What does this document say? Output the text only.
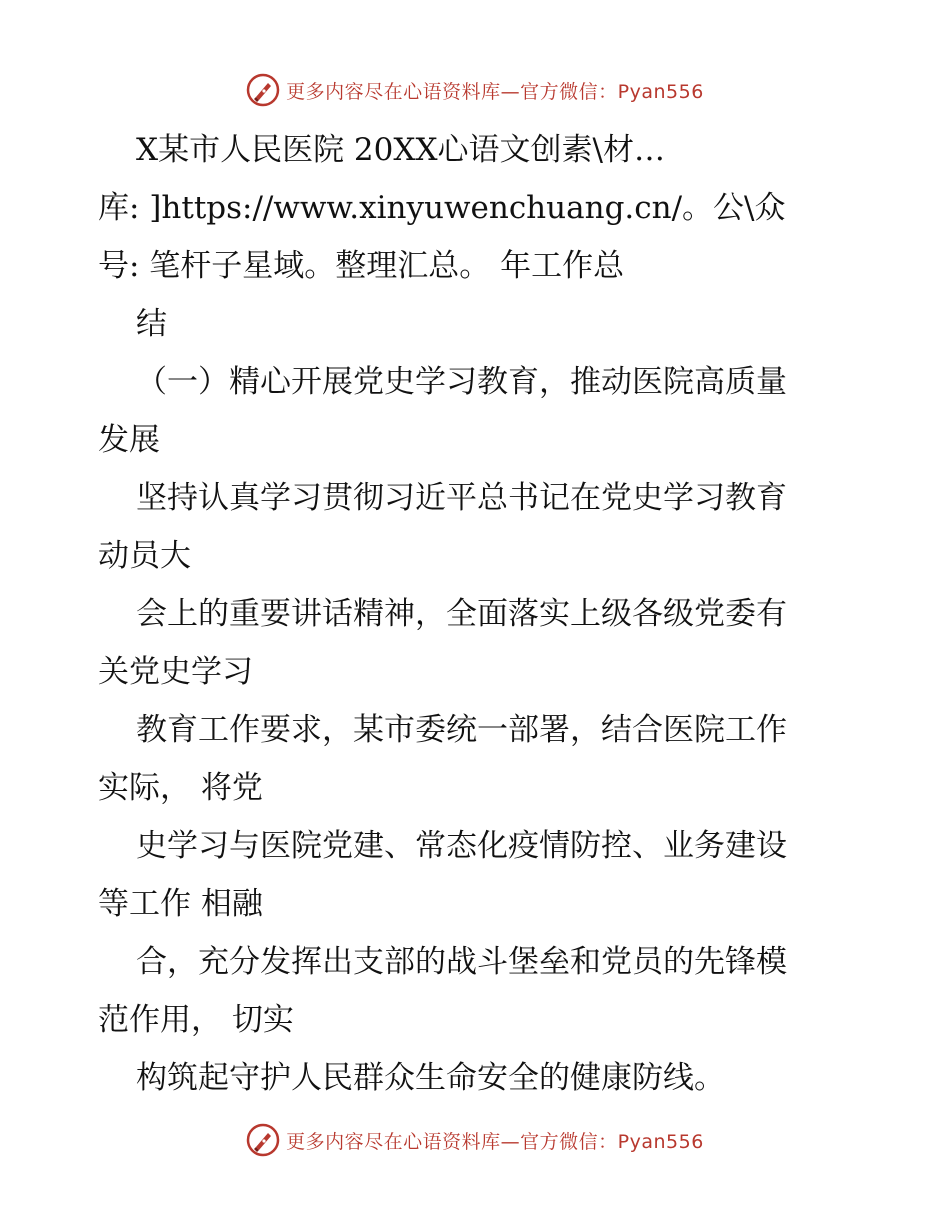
更多内容尽在心语资料库—官方微信：Pyan556
X某市人民医院 20XX心语文创素\材…
库: ]https://www.xinyuwenchuang.cn/。公\众
号: 笔杆子星域。整理汇总。 年工作总
结
（一）精心开展党史学习教育，推动医院高质量
发展
坚持认真学习贯彻习近平总书记在党史学习教育
动员大
会上的重要讲话精神，全面落实上级各级党委有
关党史学习
教育工作要求，某市委统一部署，结合医院工作
实际， 将党
史学习与医院党建、常态化疫情防控、业务建设
等工作 相融
合，充分发挥出支部的战斗堡垒和党员的先锋模
范作用， 切实
构筑起守护人民群众生命安全的健康防线。
更多内容尽在心语资料库—官方微信：Pyan556
